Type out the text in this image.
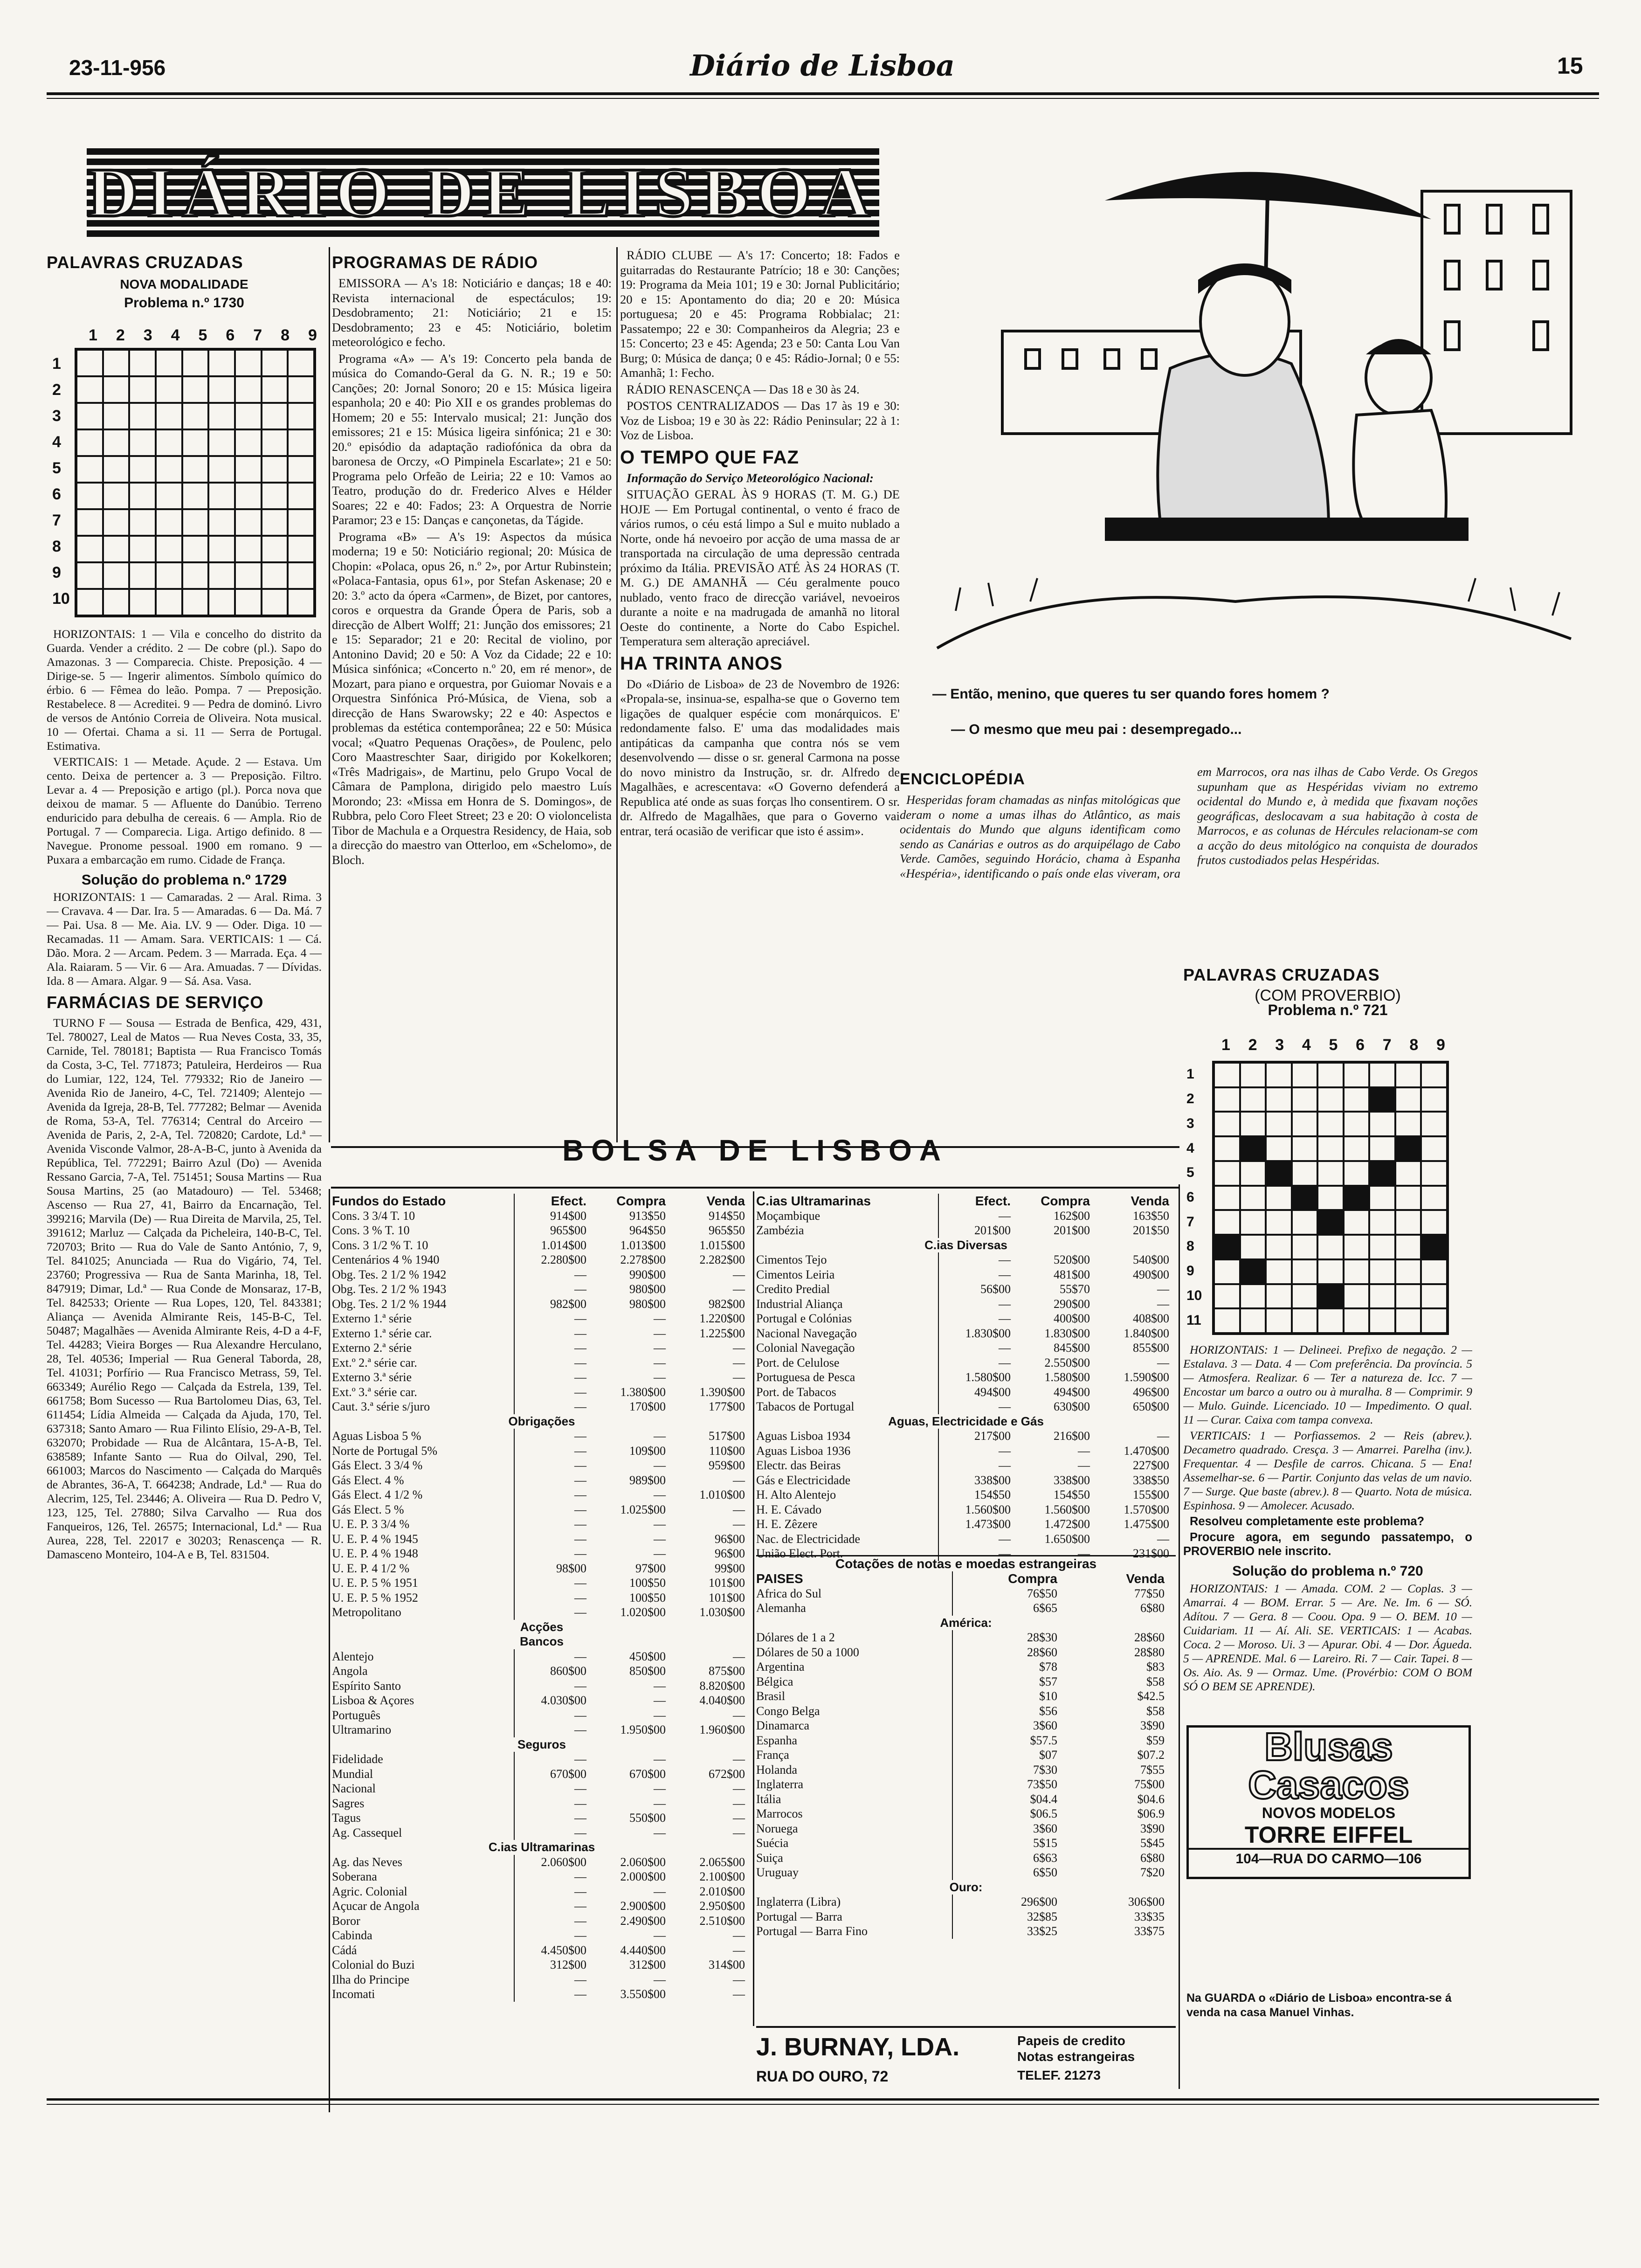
23-11-956	Diário de Lisboa	15
DIÁRIO DE LISBOA
PALAVRAS CRUZADAS
NOVA MODALIDADE
Problema n.º 1730
1 2 3 4 5 6 7 8 9
1
2
3
4
5
6
7
8
9
10

HORIZONTAIS: 1 — Vila e concelho do distrito da Guarda. Vender a crédito. 2 — De cobre (pl.). Sapo do Amazonas. 3 — Comparecia. Chiste. Preposição. 4 — Dirige-se. 5 — Ingerir alimentos. Símbolo químico do érbio. 6 — Fêmea do leão. Pompa. 7 — Preposição. Restabelece. 8 — Acreditei. 9 — Pedra de dominó. Livro de versos de António Correia de Oliveira. Nota musical. 10 — Ofertai. Chama a si. 11 — Serra de Portugal. Estimativa.

VERTICAIS: 1 — Metade. Açude. 2 — Estava. Um cento. Deixa de pertencer a. 3 — Preposição. Filtro. Levar a. 4 — Preposição e artigo (pl.). Porca nova que deixou de mamar. 5 — Afluente do Danúbio. Terreno enduricido para debulha de cereais. 6 — Ampla. Rio de Portugal. 7 — Comparecia. Liga. Artigo definido. 8 — Navegue. Pronome pessoal. 1900 em romano. 9 — Puxara a embarcação em rumo. Cidade de França.

Solução do problema n.º 1729

HORIZONTAIS: 1 — Camaradas. 2 — Aral. Rima. 3 — Cravava. 4 — Dar. Ira. 5 — Amaradas. 6 — Da. Má. 7 — Pai. Usa. 8 — Me. Aia. LV. 9 — Oder. Diga. 10 — Recamadas. 11 — Amam. Sara. VERTICAIS: 1 — Cá. Dão. Mora. 2 — Arcam. Pedem. 3 — Marrada. Eça. 4 — Ala. Raiaram. 5 — Vir. 6 — Ara. Amuadas. 7 — Dívidas. Ida. 8 — Amara. Algar. 9 — Sá. Asa. Vasa.

FARMÁCIAS DE SERVIÇO

TURNO F — Sousa — Estrada de Benfica, 429, 431, Tel. 780027, Leal de Matos — Rua Neves Costa, 33, 35, Carnide, Tel. 780181; Baptista — Rua Francisco Tomás da Costa, 3-C, Tel. 771873; Patuleira, Herdeiros — Rua do Lumiar, 122, 124, Tel. 779332; Rio de Janeiro — Avenida Rio de Janeiro, 4-C, Tel. 721409; Alentejo — Avenida da Igreja, 28-B, Tel. 777282; Belmar — Avenida de Roma, 53-A, Tel. 776314; Central do Arceiro — Avenida de Paris, 2, 2-A, Tel. 720820; Cardote, Ld.ª — Avenida Visconde Valmor, 28-A-B-C, junto à Avenida da República, Tel. 772291; Bairro Azul (Do) — Avenida Ressano Garcia, 7-A, Tel. 751451; Sousa Martins — Rua Sousa Martins, 25 (ao Matadouro) — Tel. 53468; Ascenso — Rua 27, 41, Bairro da Encarnação, Tel. 399216; Marvila (De) — Rua Direita de Marvila, 25, Tel. 391612; Marluz — Calçada da Picheleira, 140-B-C, Tel. 720703; Brito — Rua do Vale de Santo António, 7, 9, Tel. 841025; Anunciada — Rua do Vigário, 74, Tel. 23760; Progressiva — Rua de Santa Marinha, 18, Tel. 847919; Dimar, Ld.ª — Rua Conde de Monsaraz, 17-B, Tel. 842533; Oriente — Rua Lopes, 120, Tel. 843381; Aliança — Avenida Almirante Reis, 145-B-C, Tel. 50487; Magalhães — Avenida Almirante Reis, 4-D a 4-F, Tel. 44283; Vieira Borges — Rua Alexandre Herculano, 28, Tel. 40536; Imperial — Rua General Taborda, 28, Tel. 41031; Porfírio — Rua Francisco Metrass, 59, Tel. 663349; Aurélio Rego — Calçada da Estrela, 139, Tel. 661758; Bom Sucesso — Rua Bartolomeu Dias, 63, Tel. 611454; Lídia Almeida — Calçada da Ajuda, 170, Tel. 637318; Santo Amaro — Rua Filinto Elísio, 29-A-B, Tel. 632070; Probidade — Rua de Alcântara, 15-A-B, Tel. 638589; Infante Santo — Rua do Oilval, 290, Tel. 661003; Marcos do Nascimento — Calçada do Marquês de Abrantes, 36-A, T. 664238; Andrade, Ld.ª — Rua do Alecrim, 125, Tel. 23446; A. Oliveira — Rua D. Pedro V, 123, 125, Tel. 27880; Silva Carvalho — Rua dos Fanqueiros, 126, Tel. 26575; Internacional, Ld.ª — Rua Aurea, 228, Tel. 22017 e 30203; Renascença — R. Damasceno Monteiro, 104-A e B, Tel. 831504.

PROGRAMAS DE RÁDIO

EMISSORA — A's 18: Noticiário e danças; 18 e 40: Revista internacional de espectáculos; 19: Desdobramento; 21: Noticiário; 21 e 15: Desdobramento; 23 e 45: Noticiário, boletim meteorológico e fecho.

Programa «A» — A's 19: Concerto pela banda de música do Comando-Geral da G. N. R.; 19 e 50: Canções; 20: Jornal Sonoro; 20 e 15: Música ligeira espanhola; 20 e 40: Pio XII e os grandes problemas do Homem; 20 e 55: Intervalo musical; 21: Junção dos emissores; 21 e 15: Música ligeira sinfónica; 21 e 30: 20.º episódio da adaptação radiofónica da obra da baronesa de Orczy, «O Pimpinela Escarlate»; 21 e 50: Programa pelo Orfeão de Leiria; 22 e 10: Vamos ao Teatro, produção do dr. Frederico Alves e Hélder Soares; 22 e 40: Fados; 23: A Orquestra de Norrie Paramor; 23 e 15: Danças e cançonetas, da Tágide.

Programa «B» — A's 19: Aspectos da música moderna; 19 e 50: Noticiário regional; 20: Música de Chopin: «Polaca, opus 26, n.º 2», por Artur Rubinstein; «Polaca-Fantasia, opus 61», por Stefan Askenase; 20 e 20: 3.º acto da ópera «Carmen», de Bizet, por cantores, coros e orquestra da Grande Ópera de Paris, sob a direcção de Albert Wolff; 21: Junção dos emissores; 21 e 15: Separador; 21 e 20: Recital de violino, por Antonino David; 20 e 50: A Voz da Cidade; 22 e 10: Música sinfónica; «Concerto n.º 20, em ré menor», de Mozart, para piano e orquestra, por Guiomar Novais e a Orquestra Sinfónica Pró-Música, de Viena, sob a direcção de Hans Swarowsky; 22 e 40: Aspectos e problemas da estética contemporânea; 22 e 50: Música vocal; «Quatro Pequenas Orações», de Poulenc, pelo Coro Maastreschter Saar, dirigido por Kokelkoren; «Três Madrigais», de Martinu, pelo Grupo Vocal de Câmara de Pamplona, dirigido pelo maestro Luís Morondo; 23: «Missa em Honra de S. Domingos», de Rubbra, pelo Coro Fleet Street; 23 e 20: O violoncelista Tibor de Machula e a Orquestra Residency, de Haia, sob a direcção do maestro van Otterloo, em «Schelomo», de Bloch.

RÁDIO CLUBE — A's 17: Concerto; 18: Fados e guitarradas do Restaurante Patrício; 18 e 30: Canções; 19: Programa da Meia 101; 19 e 30: Jornal Publicitário; 20 e 15: Apontamento do dia; 20 e 20: Música portuguesa; 20 e 45: Programa Robbialac; 21: Passatempo; 22 e 30: Companheiros da Alegria; 23 e 15: Concerto; 23 e 45: Agenda; 23 e 50: Canta Lou Van Burg; 0: Música de dança; 0 e 45: Rádio-Jornal; 0 e 55: Amanhã; 1: Fecho.

RÁDIO RENASCENÇA — Das 18 e 30 às 24.

POSTOS CENTRALIZADOS — Das 17 às 19 e 30: Voz de Lisboa; 19 e 30 às 22: Rádio Peninsular; 22 à 1: Voz de Lisboa.

O TEMPO QUE FAZ

Informação do Serviço Meteorológico Nacional:

SITUAÇÃO GERAL ÀS 9 HORAS (T. M. G.) DE HOJE — Em Portugal continental, o vento é fraco de vários rumos, o céu está limpo a Sul e muito nublado a Norte, onde há nevoeiro por acção de uma massa de ar transportada na circulação de uma depressão centrada próximo da Itália. PREVISÃO ATÉ ÀS 24 HORAS (T. M. G.) DE AMANHÃ — Céu geralmente pouco nublado, vento fraco de direcção variável, nevoeiros durante a noite e na madrugada de amanhã no litoral Oeste do continente, a Norte do Cabo Espichel. Temperatura sem alteração apreciável.

HA TRINTA ANOS

Do «Diário de Lisboa» de 23 de Novembro de 1926: «Propala-se, insinua-se, espalha-se que o Governo tem ligações de qualquer espécie com monárquicos. E' redondamente falso. E' uma das modalidades mais antipáticas da campanha que contra nós se vem desenvolvendo — disse o sr. general Carmona na posse do novo ministro da Instrução, sr. dr. Alfredo de Magalhães, e acrescentava: «O Governo defenderá a Republica até onde as suas forças lho consentirem. O sr. dr. Alfredo de Magalhães, que para o Governo vai entrar, terá ocasião de verificar que isto é assim».

— Então, menino, que queres tu ser quando fores homem ?
— O mesmo que meu pai : desempregado...
ENCICLOPÉDIA

Hesperidas foram chamadas as ninfas mitológicas que deram o nome a umas ilhas do Atlântico, as mais ocidentais do Mundo que alguns identificam como sendo as Canárias e outros as do arquipélago de Cabo Verde. Camões, seguindo Horácio, chama à Espanha «Hespéria», identificando o país onde elas viveram, ora em Marrocos, ora nas ilhas de Cabo Verde. Os Gregos supunham que as Hespéridas viviam no extremo ocidental do Mundo e, à medida que fixavam noções geográficas, deslocavam a sua habitação à costa de Marrocos, e as colunas de Hércules relacionam-se com a acção do deus mitológico na conquista de dourados frutos custodiados pelas Hespéridas.

PALAVRAS CRUZADAS
(COM PROVERBIO)
Problema n.º 721
1 2 3 4 5 6 7 8 9
1
2
3
4
5
6
7
8
9
10
11

HORIZONTAIS: 1 — Delineei. Prefixo de negação. 2 — Estalava. 3 — Data. 4 — Com preferência. Da província. 5 — Atmosfera. Realizar. 6 — Ter a natureza de. Icc. 7 — Encostar um barco a outro ou à muralha. 8 — Comprimir. 9 — Mulo. Guinde. Licenciado. 10 — Impedimento. O qual. 11 — Curar. Caixa com tampa convexa.

VERTICAIS: 1 — Porfiassemos. 2 — Reis (abrev.). Decametro quadrado. Cresça. 3 — Amarrei. Parelha (inv.). Frequentar. 4 — Desfile de carros. Chicana. 5 — Ena! Assemelhar-se. 6 — Partir. Conjunto das velas de um navio. 7 — Surge. Que baste (abrev.). 8 — Quarto. Nota de música. Espinhosa. 9 — Amolecer. Acusado.

Resolveu completamente este problema?

Procure agora, em segundo passatempo, o PROVERBIO nele inscrito.

Solução do problema n.º 720

HORIZONTAIS: 1 — Amada. COM. 2 — Coplas. 3 — Amarrai. 4 — BOM. Errar. 5 — Are. Ne. Im. 6 — SÓ. Adítou. 7 — Gera. 8 — Coou. Opa. 9 — O. BEM. 10 — Cuidariam. 11 — Aí. Ali. SE. VERTICAIS: 1 — Acabas. Coca. 2 — Moroso. Ui. 3 — Apurar. Obi. 4 — Dor. Águeda. 5 — APRENDE. Mal. 6 — Lareiro. Ri. 7 — Cair. Tapei. 8 — Os. Aio. As. 9 — Ormaz. Ume. (Provérbio: COM O BOM SÓ O BEM SE APRENDE).

Blusas
Casacos
NOVOS MODELOS
TORRE EIFFEL
104—RUA DO CARMO—106
Na GUARDA o «Diário de Lisboa» encontra-se á venda na casa Manuel Vinhas.
BOLSA DE LISBOA
Fundos do Estado	Efect.	Compra	Venda
Cons. 3 3/4 T. 10	914$00	913$50	914$50
Cons. 3 % T. 10	965$00	964$50	965$50
Cons. 3 1/2 % T. 10	1.014$00	1.013$00	1.015$00
Centenários 4 % 1940	2.280$00	2.278$00	2.282$00
Obg. Tes. 2 1/2 % 1942	—	990$00	—
Obg. Tes. 2 1/2 % 1943	—	980$00	—
Obg. Tes. 2 1/2 % 1944	982$00	980$00	982$00
Externo 1.ª série	—	—	1.220$00
Externo 1.ª série car.	—	—	1.225$00
Externo 2.ª série	—	—	—
Ext.º 2.ª série car.	—	—	—
Externo 3.ª série	—	—	—
Ext.º 3.ª série car.	—	1.380$00	1.390$00
Caut. 3.ª série s/juro	—	170$00	177$00
Obrigações
Aguas Lisboa 5 %	—	—	517$00
Norte de Portugal 5%	—	109$00	110$00
Gás Elect. 3 3/4 %	—	—	959$00
Gás Elect. 4 %	—	989$00	—
Gás Elect. 4 1/2 %	—	—	1.010$00
Gás Elect. 5 %	—	1.025$00	—
U. E. P. 3 3/4 %	—	—	—
U. E. P. 4 % 1945	—	—	96$00
U. E. P. 4 % 1948	—	—	96$00
U. E. P. 4 1/2 %	98$00	97$00	99$00
U. E. P. 5 % 1951	—	100$50	101$00
U. E. P. 5 % 1952	—	100$50	101$00
Metropolitano	—	1.020$00	1.030$00
Acções
Bancos
Alentejo	—	450$00	—
Angola	860$00	850$00	875$00
Espírito Santo	—	—	8.820$00
Lisboa & Açores	4.030$00	—	4.040$00
Português	—	—	—
Ultramarino	—	1.950$00	1.960$00
Seguros
Fidelidade	—	—	—
Mundial	670$00	670$00	672$00
Nacional	—	—	—
Sagres	—	—	—
Tagus	—	550$00	—
Ag. Cassequel	—	—	—
C.ias Ultramarinas
Ag. das Neves	2.060$00	2.060$00	2.065$00
Soberana	—	2.000$00	2.100$00
Agric. Colonial	—	—	2.010$00
Açucar de Angola	—	2.900$00	2.950$00
Boror	—	2.490$00	2.510$00
Cabinda	—	—	—
Cádá	4.450$00	4.440$00	—
Colonial do Buzi	312$00	312$00	314$00
Ilha do Principe	—	—	—
Incomati	—	3.550$00	—
C.ias Ultramarinas	Efect.	Compra	Venda
Moçambique	—	162$00	163$50
Zambézia	201$00	201$00	201$50
C.ias Diversas
Cimentos Tejo	—	520$00	540$00
Cimentos Leiria	—	481$00	490$00
Credito Predial	56$00	55$70	—
Industrial Aliança	—	290$00	—
Portugal e Colónias	—	400$00	408$00
Nacional Navegação	1.830$00	1.830$00	1.840$00
Colonial Navegação	—	845$00	855$00
Port. de Celulose	—	2.550$00	—
Portuguesa de Pesca	1.580$00	1.580$00	1.590$00
Port. de Tabacos	494$00	494$00	496$00
Tabacos de Portugal	—	630$00	650$00
Aguas, Electricidade e Gás
Aguas Lisboa 1934	217$00	216$00	—
Aguas Lisboa 1936	—	—	1.470$00
Electr. das Beiras	—	—	227$00
Gás e Electricidade	338$00	338$00	338$50
H. Alto Alentejo	154$50	154$50	155$00
H. E. Cávado	1.560$00	1.560$00	1.570$00
H. E. Zêzere	1.473$00	1.472$00	1.475$00
Nac. de Electricidade	—	1.650$00	—
União Elect. Port.	—	—	231$00
Cotações de notas e moedas estrangeiras
PAISES	Compra	Venda
Africa do Sul	76$50	77$50
Alemanha	6$65	6$80
América:
Dólares de 1 a 2	28$30	28$60
Dólares de 50 a 1000	28$60	28$80
Argentina	$78	$83
Bélgica	$57	$58
Brasil	$10	$42.5
Congo Belga	$56	$58
Dinamarca	3$60	3$90
Espanha	$57.5	$59
França	$07	$07.2
Holanda	7$30	7$55
Inglaterra	73$50	75$00
Itália	$04.4	$04.6
Marrocos	$06.5	$06.9
Noruega	3$60	3$90
Suécia	5$15	5$45
Suiça	6$63	6$80
Uruguay	6$50	7$20
Ouro:
Inglaterra (Libra)	296$00	306$00
Portugal — Barra	32$85	33$35
Portugal — Barra Fino	33$25	33$75
J. BURNAY, LDA.
RUA DO OURO, 72
Papeis de credito
Notas estrangeiras
TELEF. 21273
